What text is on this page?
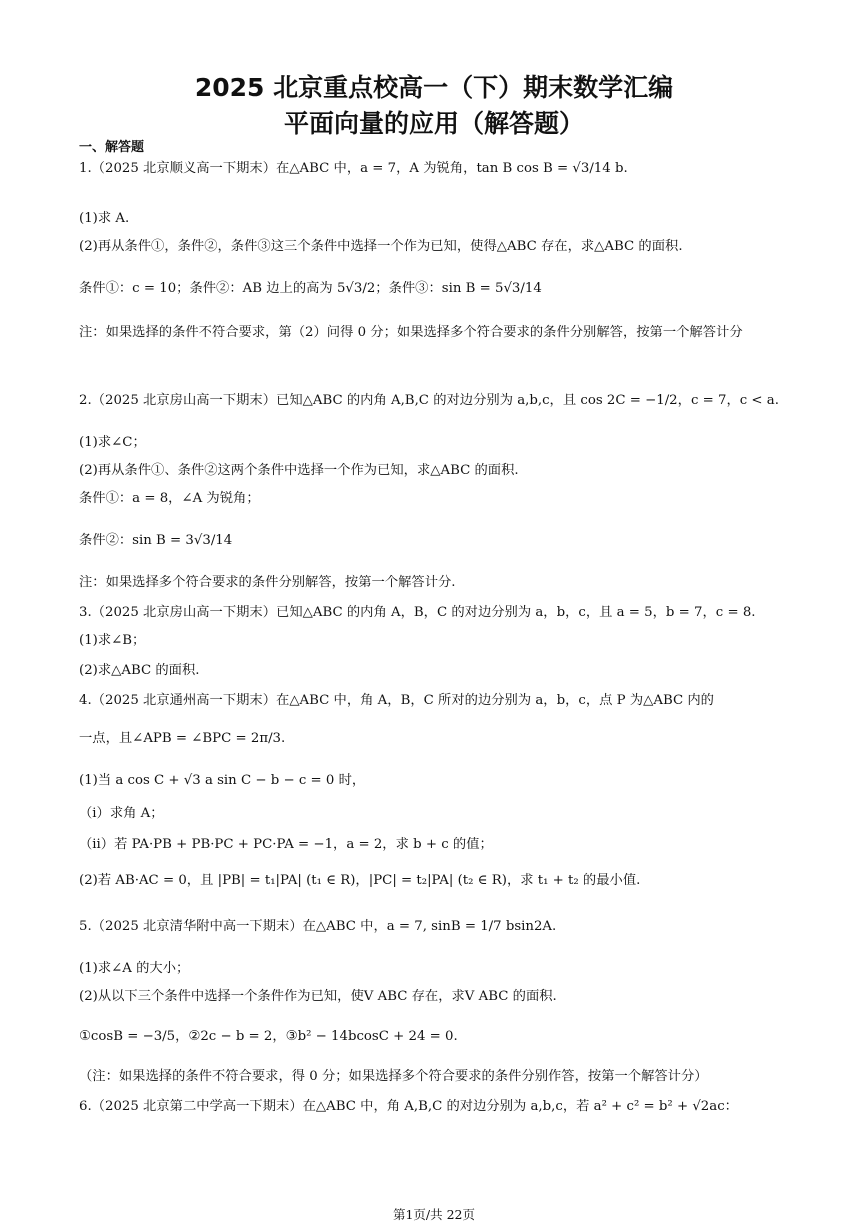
2025 北京重点校高一（下）期末数学汇编
平面向量的应用（解答题）
一、解答题
1.（2025 北京顺义高一下期末）在△ABC 中，a = 7，A 为锐角，tan B cos B = √3/14 b.
(1)求 A.
(2)再从条件①，条件②，条件③这三个条件中选择一个作为已知，使得△ABC 存在，求△ABC 的面积.
条件①：c = 10；条件②：AB 边上的高为 5√3/2；条件③：sin B = 5√3/14
注：如果选择的条件不符合要求，第（2）问得 0 分；如果选择多个符合要求的条件分别解答，按第一个解答计分
2.（2025 北京房山高一下期末）已知△ABC 的内角 A,B,C 的对边分别为 a,b,c，且 cos 2C = −1/2，c = 7，c < a.
(1)求∠C；
(2)再从条件①、条件②这两个条件中选择一个作为已知，求△ABC 的面积.
条件①：a = 8，∠A 为锐角；
条件②：sin B = 3√3/14
注：如果选择多个符合要求的条件分别解答，按第一个解答计分.
3.（2025 北京房山高一下期末）已知△ABC 的内角 A，B，C 的对边分别为 a，b，c，且 a = 5，b = 7，c = 8.
(1)求∠B；
(2)求△ABC 的面积.
4.（2025 北京通州高一下期末）在△ABC 中，角 A，B，C 所对的边分别为 a，b，c，点 P 为△ABC 内的
一点，且∠APB = ∠BPC = 2π/3.
(1)当 a cos C + √3 a sin C − b − c = 0 时，
（i）求角 A；
（ii）若 PA·PB + PB·PC + PC·PA = −1，a = 2，求 b + c 的值；
(2)若 AB·AC = 0，且 |PB| = t₁|PA| (t₁ ∈ R)，|PC| = t₂|PA| (t₂ ∈ R)，求 t₁ + t₂ 的最小值.
5.（2025 北京清华附中高一下期末）在△ABC 中，a = 7, sinB = 1/7 bsin2A.
(1)求∠A 的大小；
(2)从以下三个条件中选择一个条件作为已知，使V ABC 存在，求V ABC 的面积.
①cosB = −3/5，②2c − b = 2，③b² − 14bcosC + 24 = 0.
（注：如果选择的条件不符合要求，得 0 分；如果选择多个符合要求的条件分别作答，按第一个解答计分）
6.（2025 北京第二中学高一下期末）在△ABC 中，角 A,B,C 的对边分别为 a,b,c，若 a² + c² = b² + √2ac：
第1页/共 22页
